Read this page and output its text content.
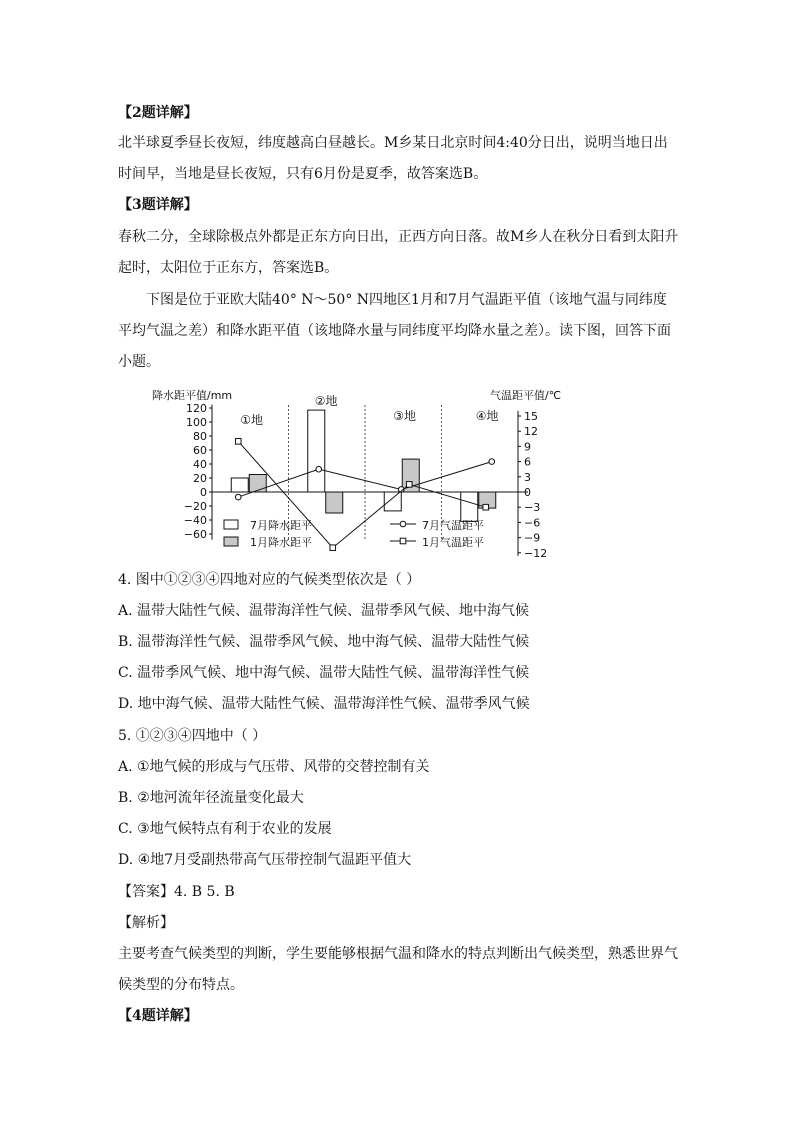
【2题详解】
北半球夏季昼长夜短，纬度越高白昼越长。M乡某日北京时间4:40分日出，说明当地日出
时间早，当地是昼长夜短，只有6月份是夏季，故答案选B。
【3题详解】
春秋二分，全球除极点外都是正东方向日出，正西方向日落。故M乡人在秋分日看到太阳升
起时，太阳位于正东方，答案选B。
下图是位于亚欧大陆40° N～50° N四地区1月和7月气温距平值（该地气温与同纬度
平均气温之差）和降水距平值（该地降水量与同纬度平均降水量之差）。读下图，回答下面
小题。
降水距平值/mm	气温距平值/℃
120
100
80
60
40
20
0
−20
−40
−60
15
12
9
6
3
0
−3
−6
−9
−12
①地
②地
③地	④地
7月降水距平
1月降水距平
7月气温距平
1月气温距平
4. 图中①②③④四地对应的气候类型依次是（ ）
A. 温带大陆性气候、温带海洋性气候、温带季风气候、地中海气候
B. 温带海洋性气候、温带季风气候、地中海气候、温带大陆性气候
C. 温带季风气候、地中海气候、温带大陆性气候、温带海洋性气候
D. 地中海气候、温带大陆性气候、温带海洋性气候、温带季风气候
5. ①②③④四地中（ ）
A. ①地气候的形成与气压带、风带的交替控制有关
B. ②地河流年径流量变化最大
C. ③地气候特点有利于农业的发展
D. ④地7月受副热带高气压带控制气温距平值大
【答案】4. B 5. B
【解析】
主要考查气候类型的判断，学生要能够根据气温和降水的特点判断出气候类型，熟悉世界气
候类型的分布特点。
【4题详解】
